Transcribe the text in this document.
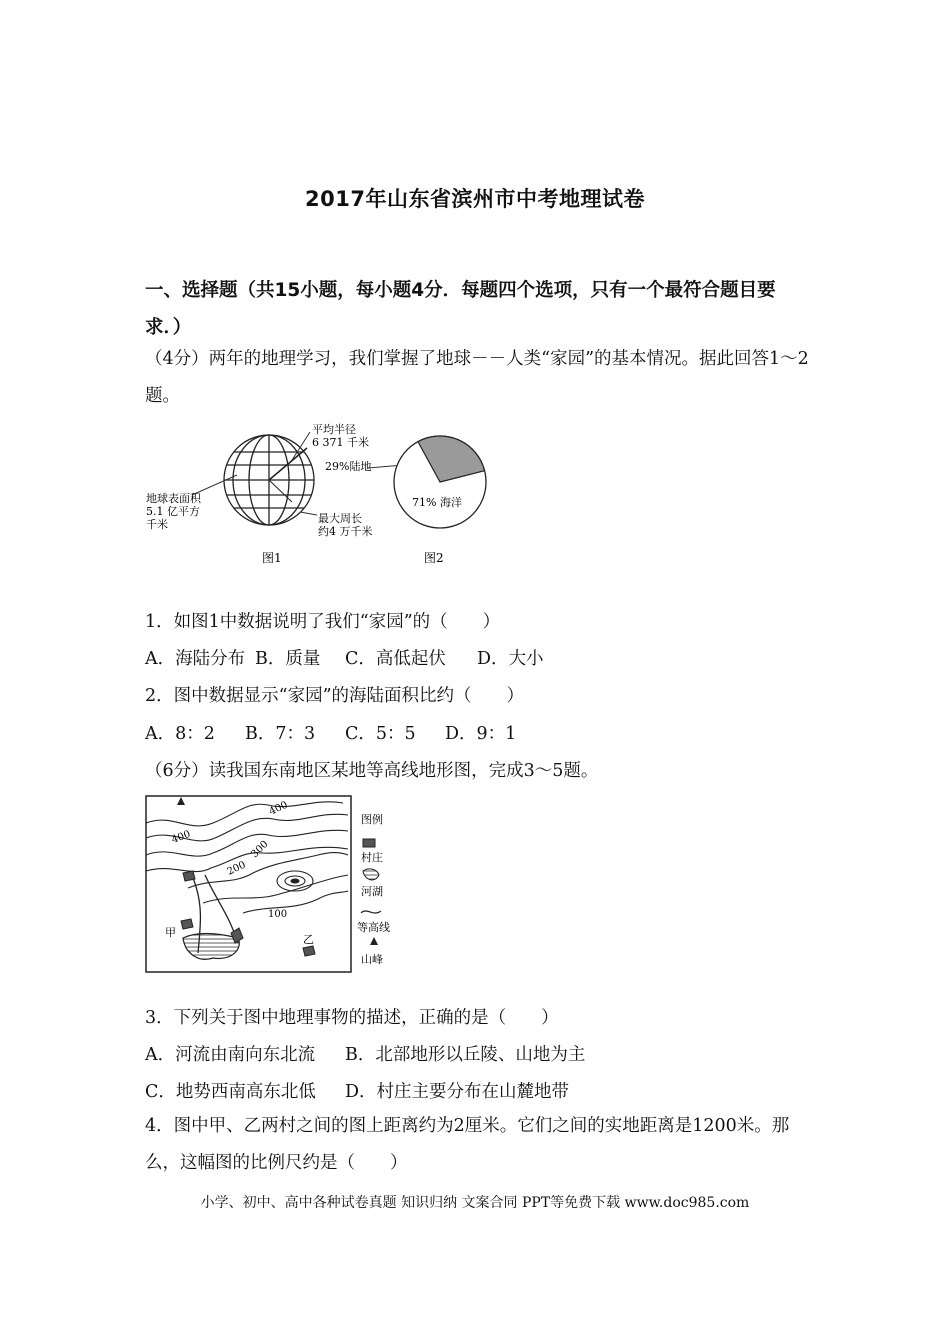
2017年山东省滨州市中考地理试卷
一、选择题（共15小题，每小题4分．每题四个选项，只有一个最符合题目要求．）
（4分）两年的地理学习，我们掌握了地球－－人类“家园”的基本情况。据此回答1～2题。
平均半径
6 371 千米
地球表面积
5.1 亿平方
千米	最大周长
约4 万千米
图1
29%陆地
71% 海洋
图2
1．如图1中数据说明了我们“家园”的（　　）
A．海陆分布 B．质量 C．高低起伏 D．大小
2．图中数据显示“家园”的海陆面积比约（　　）
A．8：2 B．7：3 C．5：5 D．9：1
（6分）读我国东南地区某地等高线地形图，完成3～5题。
400
400
300
200
100
甲
乙
图例
村庄
河湖
等高线
山峰
3．下列关于图中地理事物的描述，正确的是（　　）
A．河流由南向东北流 B．北部地形以丘陵、山地为主
C．地势西南高东北低 D．村庄主要分布在山麓地带
4．图中甲、乙两村之间的图上距离约为2厘米。它们之间的实地距离是1200米。那么，这幅图的比例尺约是（　　）
小学、初中、高中各种试卷真题 知识归纳 文案合同 PPT等免费下载 www.doc985.com
